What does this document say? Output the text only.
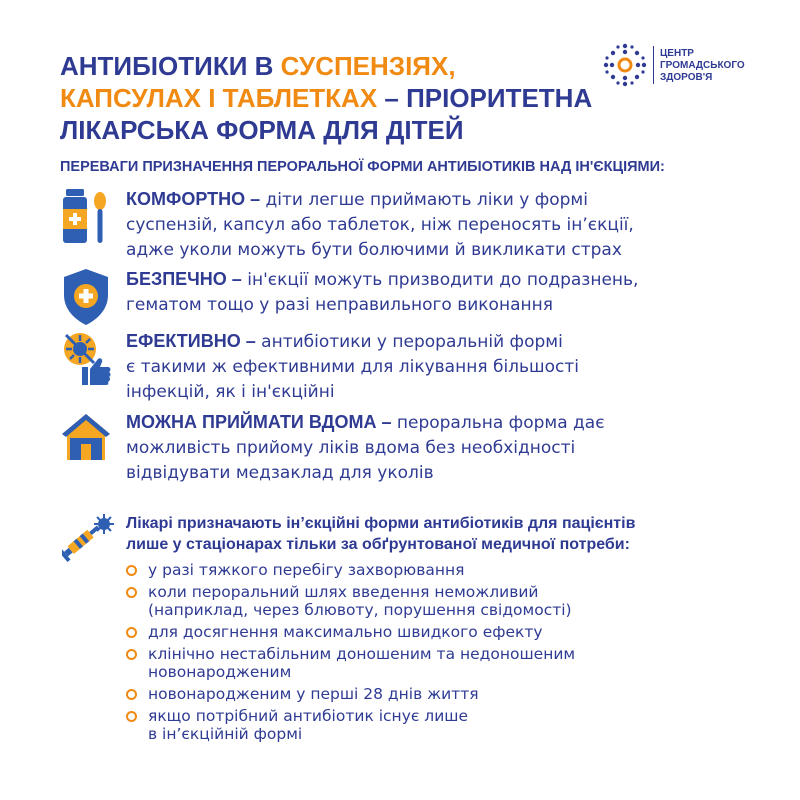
АНТИБІОТИКИ В СУСПЕНЗІЯХ,
КАПСУЛАХ І ТАБЛЕТКАХ – ПРІОРИТЕТНА
ЛІКАРСЬКА ФОРМА ДЛЯ ДІТЕЙ
ЦЕНТР
ГРОМАДСЬКОГО
ЗДОРОВ'Я
ПЕРЕВАГИ ПРИЗНАЧЕННЯ ПЕРОРАЛЬНОЇ ФОРМИ АНТИБІОТИКІВ НАД ІН'ЄКЦІЯМИ:
КОМФОРТНО – діти легше приймають ліки у формі
суспензій, капсул або таблеток, ніж переносять ін’єкції,
адже уколи можуть бути болючими й викликати страх
БЕЗПЕЧНО – ін'єкції можуть призводити до подразнень,
гематом тощо у разі неправильного виконання
ЕФЕКТИВНО – антибіотики у пероральній формі
є такими ж ефективними для лікування більшості
інфекцій, як і ін'єкційні
МОЖНА ПРИЙМАТИ ВДОМА – пероральна форма дає
можливість прийому ліків вдома без необхідності
відвідувати медзаклад для уколів
Лікарі призначають ін’єкційні форми антибіотиків для пацієнтів
лише у стаціонарах тільки за обґрунтованої медичної потреби:
у разі тяжкого перебігу захворювання
коли пероральний шлях введення неможливий
(наприклад, через блювоту, порушення свідомості)
для досягнення максимально швидкого ефекту
клінічно нестабільним доношеним та недоношеним
новонародженим
новонародженим у перші 28 днів життя
якщо потрібний антибіотик існує лише
в ін’єкційній формі
